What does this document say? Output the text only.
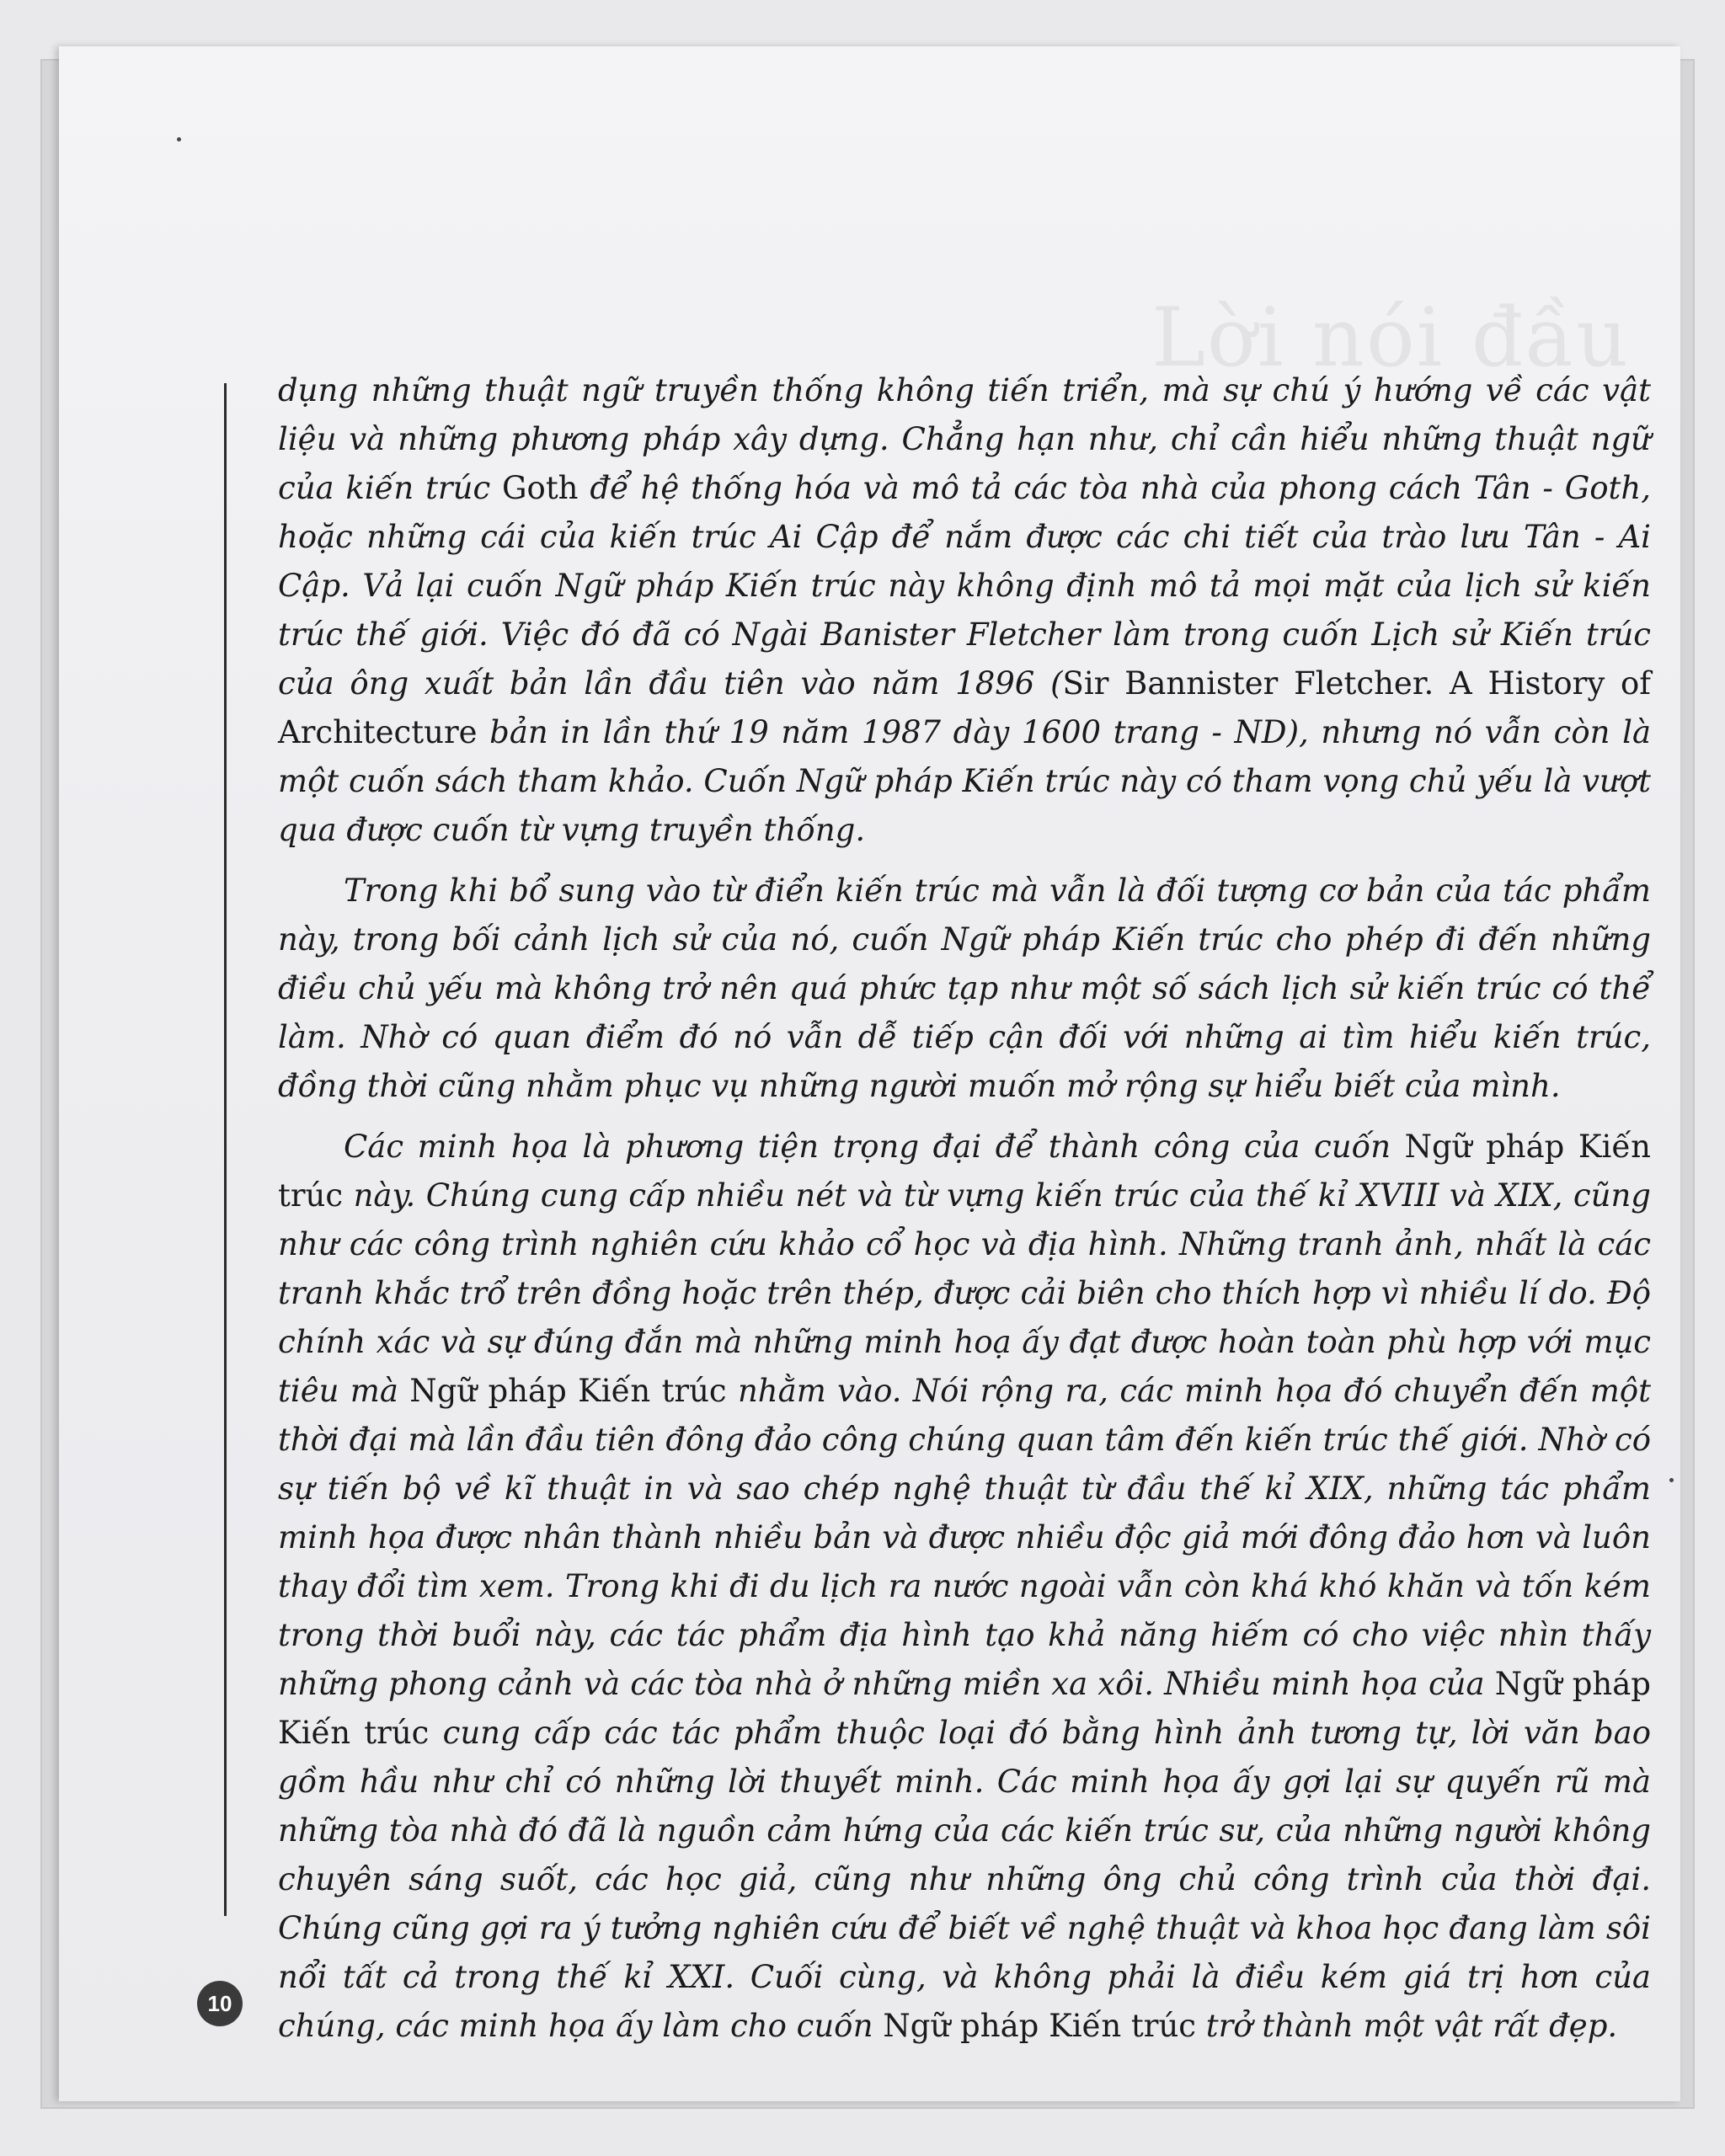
Lời nói đầu

dụng những thuật ngữ truyền thống không tiến triển, mà sự chú ý hướng về các vật liệu và những phương pháp xây dựng. Chẳng hạn như, chỉ cần hiểu những thuật ngữ của kiến trúc Goth để hệ thống hóa và mô tả các tòa nhà của phong cách Tân - Goth, hoặc những cái của kiến trúc Ai Cập để nắm được các chi tiết của trào lưu Tân - Ai Cập. Vả lại cuốn Ngữ pháp Kiến trúc này không định mô tả mọi mặt của lịch sử kiến trúc thế giới. Việc đó đã có Ngài Banister Fletcher làm trong cuốn Lịch sử Kiến trúc của ông xuất bản lần đầu tiên vào năm 1896 (Sir Bannister Fletcher. A History of Architecture bản in lần thứ 19 năm 1987 dày 1600 trang - ND), nhưng nó vẫn còn là một cuốn sách tham khảo. Cuốn Ngữ pháp Kiến trúc này có tham vọng chủ yếu là vượt qua được cuốn từ vựng truyền thống.

Trong khi bổ sung vào từ điển kiến trúc mà vẫn là đối tượng cơ bản của tác phẩm này, trong bối cảnh lịch sử của nó, cuốn Ngữ pháp Kiến trúc cho phép đi đến những điều chủ yếu mà không trở nên quá phức tạp như một số sách lịch sử kiến trúc có thể làm. Nhờ có quan điểm đó nó vẫn dễ tiếp cận đối với những ai tìm hiểu kiến trúc, đồng thời cũng nhằm phục vụ những người muốn mở rộng sự hiểu biết của mình.

Các minh họa là phương tiện trọng đại để thành công của cuốn Ngữ pháp Kiến trúc này. Chúng cung cấp nhiều nét và từ vựng kiến trúc của thế kỉ XVIII và XIX, cũng như các công trình nghiên cứu khảo cổ học và địa hình. Những tranh ảnh, nhất là các tranh khắc trổ trên đồng hoặc trên thép, được cải biên cho thích hợp vì nhiều lí do. Độ chính xác và sự đúng đắn mà những minh hoạ ấy đạt được hoàn toàn phù hợp với mục tiêu mà Ngữ pháp Kiến trúc nhằm vào. Nói rộng ra, các minh họa đó chuyển đến một thời đại mà lần đầu tiên đông đảo công chúng quan tâm đến kiến trúc thế giới. Nhờ có sự tiến bộ về kĩ thuật in và sao chép nghệ thuật từ đầu thế kỉ XIX, những tác phẩm minh họa được nhân thành nhiều bản và được nhiều độc giả mới đông đảo hơn và luôn thay đổi tìm xem. Trong khi đi du lịch ra nước ngoài vẫn còn khá khó khăn và tốn kém trong thời buổi này, các tác phẩm địa hình tạo khả năng hiếm có cho việc nhìn thấy những phong cảnh và các tòa nhà ở những miền xa xôi. Nhiều minh họa của Ngữ pháp Kiến trúc cung cấp các tác phẩm thuộc loại đó bằng hình ảnh tương tự, lời văn bao gồm hầu như chỉ có những lời thuyết minh. Các minh họa ấy gợi lại sự quyến rũ mà những tòa nhà đó đã là nguồn cảm hứng của các kiến trúc sư, của những người không chuyên sáng suốt, các học giả, cũng như những ông chủ công trình của thời đại. Chúng cũng gợi ra ý tưởng nghiên cứu để biết về nghệ thuật và khoa học đang làm sôi nổi tất cả trong thế kỉ XXI. Cuối cùng, và không phải là điều kém giá trị hơn của chúng, các minh họa ấy làm cho cuốn Ngữ pháp Kiến trúc trở thành một vật rất đẹp.

10
